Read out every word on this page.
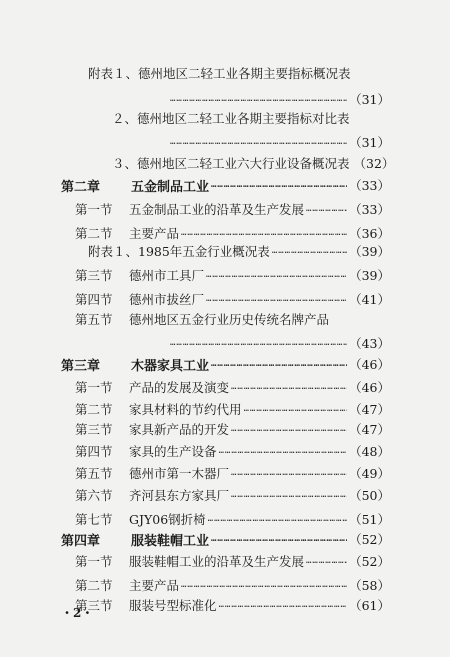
附表１、德州地区二轻工业各期主要指标概况表
…………………………………………………………………………………………………………………………
（31）
２、德州地区二轻工业各期主要指标对比表
…………………………………………………………………………………………………………………………
（31）
３、德州地区二轻工业六大行业设备概况表 （32）
第二章	五金制品工业 …………………………………………………………………………………………………………………………	（33）
第一节	五金制品工业的沿革及生产发展 …………………………………………………………………………………………………………………………	（33）
第二节	主要产品 …………………………………………………………………………………………………………………………	（36）
附表１、1985年五金行业概况表 …………………………………………………………………………………………………………………………	（39）
第三节	德州市工具厂 …………………………………………………………………………………………………………………………	（39）
第四节	德州市拔丝厂 …………………………………………………………………………………………………………………………	（41）
第五节	德州地区五金行业历史传统名牌产品
…………………………………………………………………………………………………………………………
（43）
第三章	木器家具工业 …………………………………………………………………………………………………………………………	（46）
第一节	产品的发展及演变 …………………………………………………………………………………………………………………………	（46）
第二节	家具材料的节约代用 …………………………………………………………………………………………………………………………	（47）
第三节	家具新产品的开发 …………………………………………………………………………………………………………………………	（47）
第四节	家具的生产设备 …………………………………………………………………………………………………………………………	（48）
第五节	德州市第一木器厂 …………………………………………………………………………………………………………………………	（49）
第六节	齐河县东方家具厂 …………………………………………………………………………………………………………………………	（50）
第七节	GJY06钢折椅 …………………………………………………………………………………………………………………………	（51）
第四章	服装鞋帽工业 …………………………………………………………………………………………………………………………	（52）
第一节	服装鞋帽工业的沿革及生产发展 …………………………………………………………………………………………………………………………	（52）
第二节	主要产品 …………………………………………………………………………………………………………………………	（58）
第三节	服装号型标准化 …………………………………………………………………………………………………………………………	（61）
・2・
